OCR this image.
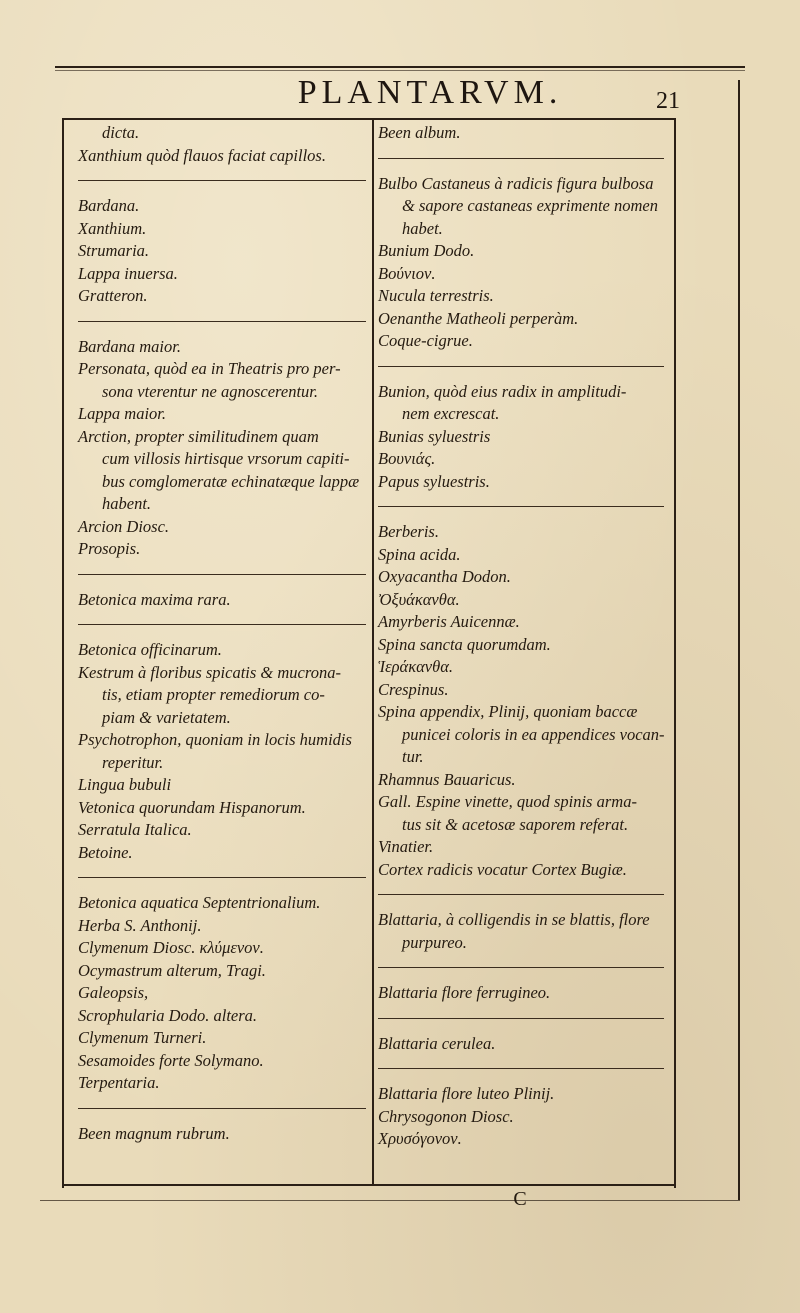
PLANTARVM.	21
dicta.
Xanthium quòd flauos faciat capillos.
Bardana.
Xanthium.
Strumaria.
Lappa inuersa.
Gratteron.
Bardana maior.
Personata, quòd ea in Theatris pro per-
sona vterentur ne agnoscerentur.
Lappa maior.
Arction, propter similitudinem quam
cum villosis hirtisque vrsorum capiti-
bus comglomeratæ echinatæque lappæ
habent.
Arcion Diosc.
Prosopis.
Betonica maxima rara.
Betonica officinarum.
Kestrum à floribus spicatis & mucrona-
tis, etiam propter remediorum co-
piam & varietatem.
Psychotrophon, quoniam in locis humidis
reperitur.
Lingua bubuli
Vetonica quorundam Hispanorum.
Serratula Italica.
Betoine.
Betonica aquatica Septentrionalium.
Herba S. Anthonij.
Clymenum Diosc. κλύμενον.
Ocymastrum alterum, Tragi.
Galeopsis,
Scrophularia Dodo. altera.
Clymenum Turneri.
Sesamoides forte Solymano.
Terpentaria.
Been magnum rubrum.
Been album.
Bulbo Castaneus à radicis figura bulbosa
& sapore castaneas exprimente nomen
habet.
Bunium Dodo.
Βούνιον.
Nucula terrestris.
Oenanthe Matheoli perperàm.
Coque-cigrue.
Bunion, quòd eius radix in amplitudi-
nem excrescat.
Bunias syluestris
Βουνιάς.
Papus syluestris.
Berberis.
Spina acida.
Oxyacantha Dodon.
Ὀξυάκανθα.
Amyrberis Auicennæ.
Spina sancta quorumdam.
Ἱεράκανθα.
Crespinus.
Spina appendix, Plinij, quoniam baccæ
punicei coloris in ea appendices vocan-
tur.
Rhamnus Bauaricus.
Gall. Espine vinette, quod spinis arma-
tus sit & acetosæ saporem referat.
Vinatier.
Cortex radicis vocatur Cortex Bugiæ.
Blattaria, à colligendis in se blattis, flore
purpureo.
Blattaria flore ferrugineo.
Blattaria cerulea.
Blattaria flore luteo Plinij.
Chrysogonon Diosc.
Χρυσόγονον.
C
